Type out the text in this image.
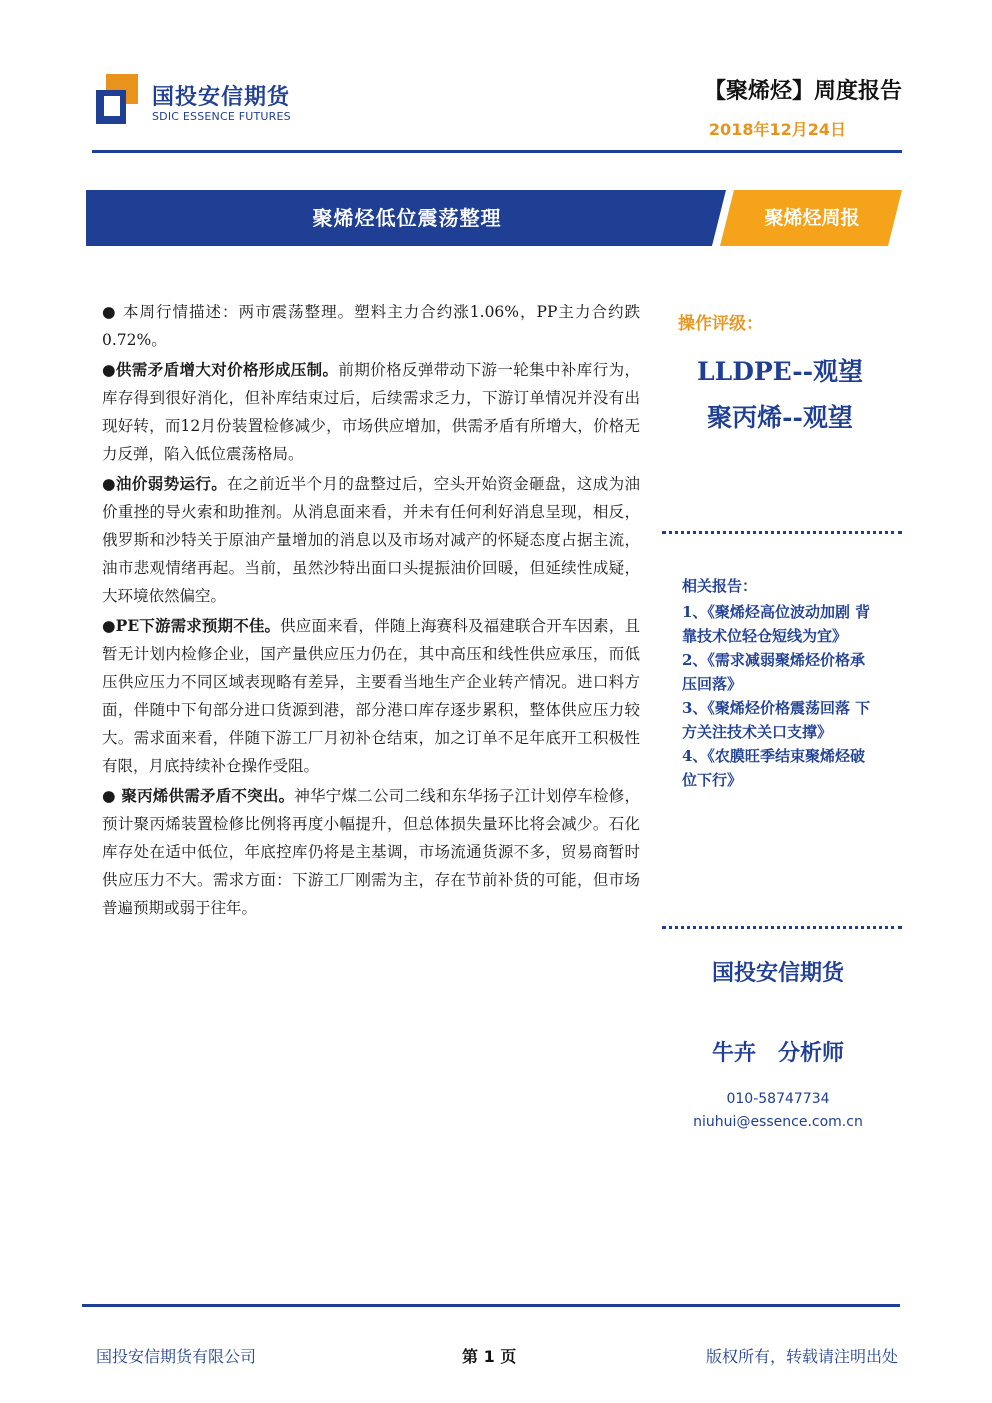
国投安信期货
SDIC ESSENCE FUTURES
【聚烯烃】周度报告
2018年12月24日
聚烯烃低位震荡整理	聚烯烃周报

● 本周行情描述：两市震荡整理。塑料主力合约涨1.06%，PP主力合约跌0.72%。

●供需矛盾增大对价格形成压制。前期价格反弹带动下游一轮集中补库行为，库存得到很好消化，但补库结束过后，后续需求乏力，下游订单情况并没有出现好转，而12月份装置检修减少，市场供应增加，供需矛盾有所增大，价格无力反弹，陷入低位震荡格局。

●油价弱势运行。在之前近半个月的盘整过后，空头开始资金砸盘，这成为油价重挫的导火索和助推剂。从消息面来看，并未有任何利好消息呈现，相反，俄罗斯和沙特关于原油产量增加的消息以及市场对减产的怀疑态度占据主流，油市悲观情绪再起。当前，虽然沙特出面口头提振油价回暖，但延续性成疑，大环境依然偏空。

●PE下游需求预期不佳。供应面来看，伴随上海赛科及福建联合开车因素，且暂无计划内检修企业，国产量供应压力仍在，其中高压和线性供应承压，而低压供应压力不同区域表现略有差异，主要看当地生产企业转产情况。进口料方面，伴随中下旬部分进口货源到港，部分港口库存逐步累积，整体供应压力较大。需求面来看，伴随下游工厂月初补仓结束，加之订单不足年底开工积极性有限，月底持续补仓操作受阻。

● 聚丙烯供需矛盾不突出。神华宁煤二公司二线和东华扬子江计划停车检修，预计聚丙烯装置检修比例将再度小幅提升，但总体损失量环比将会减少。石化库存处在适中低位，年底控库仍将是主基调，市场流通货源不多，贸易商暂时供应压力不大。需求方面：下游工厂刚需为主，存在节前补货的可能，但市场普遍预期或弱于往年。

操作评级：
LLDPE--观望
聚丙烯--观望
相关报告：
1、《聚烯烃高位波动加剧 背靠技术位轻仓短线为宜》
2、《需求减弱聚烯烃价格承压回落》
3、《聚烯烃价格震荡回落 下方关注技术关口支撑》
4、《农膜旺季结束聚烯烃破位下行》
国投安信期货
牛卉 分析师
010-58747734
niuhui@essence.com.cn
国投安信期货有限公司	第 1 页	版权所有，转载请注明出处
